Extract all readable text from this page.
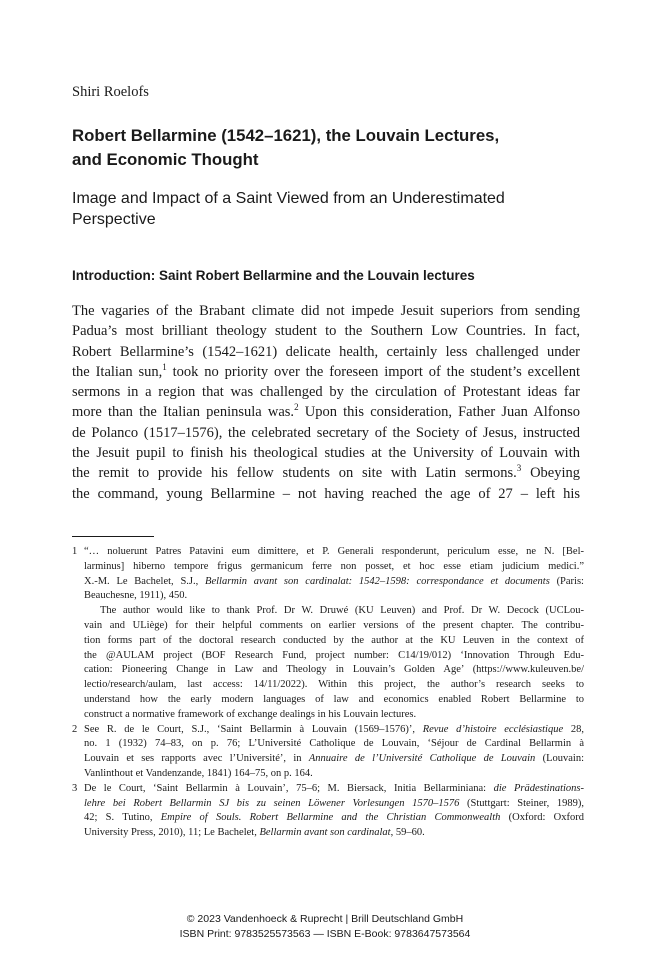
Shiri Roelofs
Robert Bellarmine (1542–1621), the Louvain Lectures,
and Economic Thought
Image and Impact of a Saint Viewed from an Underestimated
Perspective
Introduction: Saint Robert Bellarmine and the Louvain lectures
The vagaries of the Brabant climate did not impede Jesuit superiors from sending
Padua’s most brilliant theology student to the Southern Low Countries. In fact,
Robert Bellarmine’s (1542–1621) delicate health, certainly less challenged under
the Italian sun,$^1$ took no priority over the foreseen import of the student’s excellent
sermons in a region that was challenged by the circulation of Protestant ideas far
more than the Italian peninsula was.$^2$ Upon this consideration, Father Juan Alfonso
de Polanco (1517–1576), the celebrated secretary of the Society of Jesus, instructed
the Jesuit pupil to finish his theological studies at the University of Louvain with
the remit to provide his fellow students on site with Latin sermons.$^3$ Obeying
the command, young Bellarmine – not having reached the age of 27 – left his
1 “… noluerunt Patres Patavini eum dimittere, et P. Generali responderunt, periculum esse, ne N. [Bel-
larminus] hiberno tempore frigus germanicum ferre non posset, et hoc esse etiam judicium medici.”
X.-M. Le Bachelet, S.J., Bellarmin avant son cardinalat: 1542–1598: correspondance et documents (Paris:
Beauchesne, 1911), 450.
The author would like to thank Prof. Dr W. Druwé (KU Leuven) and Prof. Dr W. Decock (UCLou-
vain and ULiège) for their helpful comments on earlier versions of the present chapter. The contribu-
tion forms part of the doctoral research conducted by the author at the KU Leuven in the context of
the @AULAM project (BOF Research Fund, project number: C14/19/012) ‘Innovation Through Edu-
cation: Pioneering Change in Law and Theology in Louvain’s Golden Age’ (https://www.kuleuven.be/
lectio/research/aulam, last access: 14/11/2022). Within this project, the author’s research seeks to
understand how the early modern languages of law and economics enabled Robert Bellarmine to
construct a normative framework of exchange dealings in his Louvain lectures.
2 See R. de le Court, S.J., ‘Saint Bellarmin à Louvain (1569–1576)’, Revue d’histoire ecclésiastique 28,
no. 1 (1932) 74–83, on p. 76; L’Université Catholique de Louvain, ‘Séjour de Cardinal Bellarmin à
Louvain et ses rapports avec l’Université’, in Annuaire de l’Université Catholique de Louvain (Louvain:
Vanlinthout et Vandenzande, 1841) 164–75, on p. 164.
3 De le Court, ‘Saint Bellarmin à Louvain’, 75–6; M. Biersack, Initia Bellarminiana: die Prädestinations-
lehre bei Robert Bellarmin SJ bis zu seinen Löwener Vorlesungen 1570–1576 (Stuttgart: Steiner, 1989),
42; S. Tutino, Empire of Souls. Robert Bellarmine and the Christian Commonwealth (Oxford: Oxford
University Press, 2010), 11; Le Bachelet, Bellarmin avant son cardinalat, 59–60.
© 2023 Vandenhoeck & Ruprecht | Brill Deutschland GmbH
ISBN Print: 9783525573563 — ISBN E-Book: 9783647573564
